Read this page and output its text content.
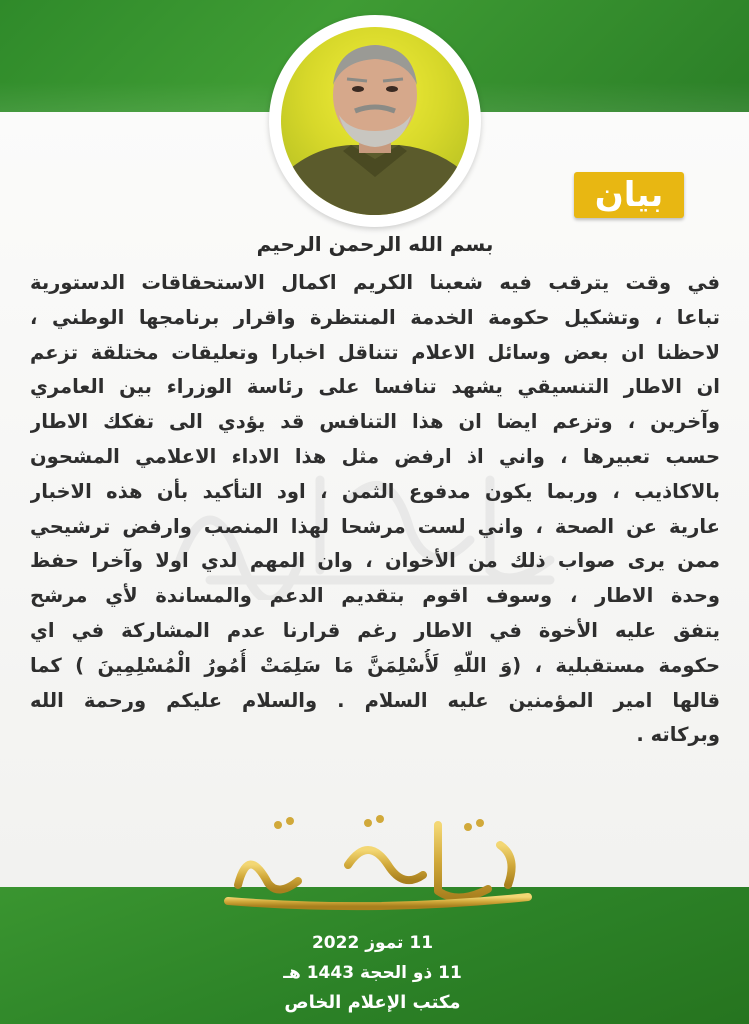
بيان
بسم الله الرحمن الرحيم
في وقت يترقب فيه شعبنا الكريم اكمال الاستحقاقات الدستورية
تباعا ، وتشكيل حكومة الخدمة المنتظرة واقرار برنامجها الوطني ،
لاحظنا ان بعض وسائل الاعلام تتناقل اخبارا وتعليقات مختلقة تزعم
ان الاطار التنسيقي يشهد تنافسا على رئاسة الوزراء بين العامري
وآخرين ، وتزعم ايضا ان هذا التنافس قد يؤدي الى تفكك الاطار
حسب تعبيرها ، واني اذ ارفض مثل هذا الاداء الاعلامي المشحون
بالاكاذيب ، وربما يكون مدفوع الثمن ، اود التأكيد بأن هذه الاخبار
عارية عن الصحة ، واني لست مرشحا لهذا المنصب وارفض ترشيحي
ممن يرى صواب ذلك من الأخوان ، وان المهم لدي اولا وآخرا حفظ
وحدة الاطار ، وسوف اقوم بتقديم الدعم والمساندة لأي مرشح
يتفق عليه الأخوة في الاطار رغم قرارنا عدم المشاركة في اي
حكومة مستقبلية ، (وَ اللّهِ لَأُسْلِمَنَّ مَا سَلِمَتْ أُمُورُ الْمُسْلِمِينَ ) كما
قالها امير المؤمنين عليه السلام . والسلام عليكم ورحمة الله
وبركاته .
11 تموز 2022
11 ذو الحجة 1443 هـ
مكتب الإعلام الخاص
